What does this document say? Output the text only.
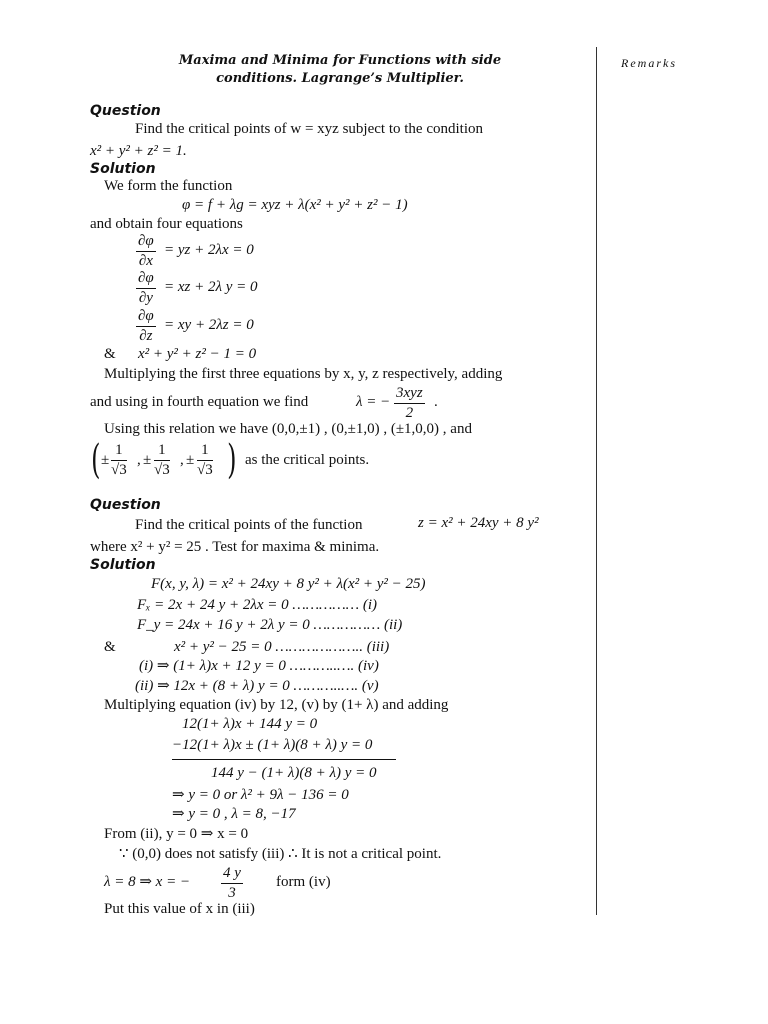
Maxima and Minima for Functions with side
conditions. Lagrange’s Multiplier.
Remarks
Question
Find the critical points of w = xyz subject to the condition
x² + y² + z² = 1.
Solution
We form the function
φ = f + λg = xyz + λ(x² + y² + z² − 1)
and obtain four equations
$\frac{\partial\varphi}{\partial x}$ = yz + 2λx = 0
$\frac{\partial\varphi}{\partial y}$ = xz + 2λ y = 0
$\frac{\partial\varphi}{\partial z}$ = xy + 2λz = 0
& x² + y² + z² − 1 = 0
Multiplying the first three equations by x, y, z respectively, adding
and using in fourth equation we find	λ = −
3xyz
2
.
Using this relation we have (0,0,±1) , (0,±1,0) , (±1,0,0) , and
( ± $\frac{1}{√3}$ , ± $\frac{1}{√3}$ , ± $\frac{1}{√3}$ ) as the critical points.
Question
Find the critical points of the function	z = x² + 24xy + 8 y²
where x² + y² = 25 . Test for maxima & minima.
Solution
F(x, y, λ) = x² + 24xy + 8 y² + λ(x² + y² − 25)
Fₓ = 2x + 24 y + 2λx = 0 …………… (i)
F_y = 24x + 16 y + 2λ y = 0 …………… (ii)
&	x² + y² − 25 = 0 ……………….. (iii)
(i) ⇒ (1+ λ)x + 12 y = 0 ………..…. (iv)
(ii) ⇒ 12x + (8 + λ) y = 0 ………..…. (v)
Multiplying equation (iv) by 12, (v) by (1+ λ) and adding
12(1+ λ)x + 144 y = 0
−12(1+ λ)x ± (1+ λ)(8 + λ) y = 0
144 y − (1+ λ)(8 + λ) y = 0
⇒ y = 0 or λ² + 9λ − 136 = 0
⇒ y = 0 , λ = 8, −17
From (ii), y = 0 ⇒ x = 0
∵ (0,0) does not satisfy (iii) ∴ It is not a critical point.
λ = 8 ⇒ x = − $\frac{4 y}{3}$ form (iv)
Put this value of x in (iii)
